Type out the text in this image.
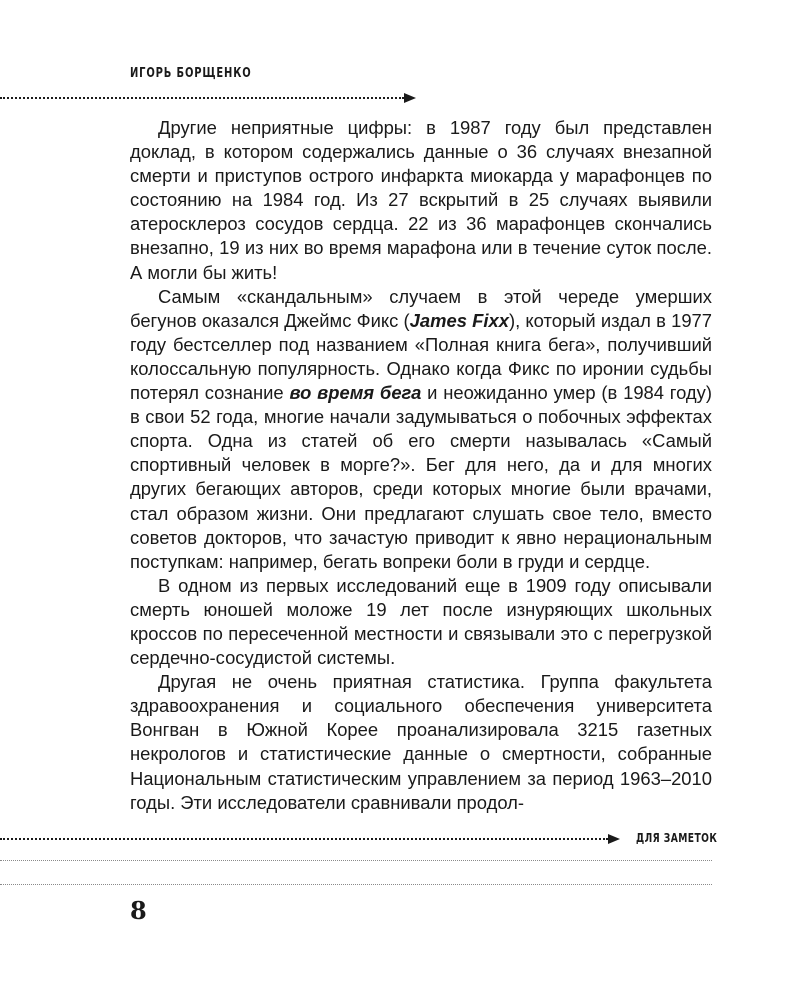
ИГОРЬ БОРЩЕНКО

Другие неприятные цифры: в 1987 году был представлен доклад, в котором содержались данные о 36 случаях внезапной смерти и приступов острого инфаркта миокарда у марафонцев по состоянию на 1984 год. Из 27 вскрытий в 25 случаях выявили атеросклероз сосудов сердца. 22 из 36 марафонцев скончались внезапно, 19 из них во время марафона или в течение суток после. А могли бы жить!

Самым «скандальным» случаем в этой череде умерших бегунов оказался Джеймс Фикс (James Fixx), который издал в 1977 году бестселлер под названием «Полная книга бега», получивший колоссальную популярность. Однако когда Фикс по иронии судьбы потерял сознание во время бега и неожиданно умер (в 1984 году) в свои 52 года, многие начали задумываться о побочных эффектах спорта. Одна из статей об его смерти называлась «Самый спортивный человек в морге?». Бег для него, да и для многих других бегающих авторов, среди которых многие были врачами, стал образом жизни. Они предлагают слушать свое тело, вместо советов докторов, что зачастую приводит к явно нерациональным поступкам: например, бегать вопреки боли в груди и сердце.

В одном из первых исследований еще в 1909 году описывали смерть юношей моложе 19 лет после изнуряющих школьных кроссов по пересеченной местности и связывали это с перегрузкой сердечно-сосудистой системы.

Другая не очень приятная статистика. Группа факультета здравоохранения и социального обеспечения университета Вонгван в Южной Корее проанализировала 3215 газетных некрологов и статистические данные о смертности, собранные Национальным статистическим управлением за период 1963–2010 годы. Эти исследователи сравнивали продол-

ДЛЯ ЗАМЕТОК
8
